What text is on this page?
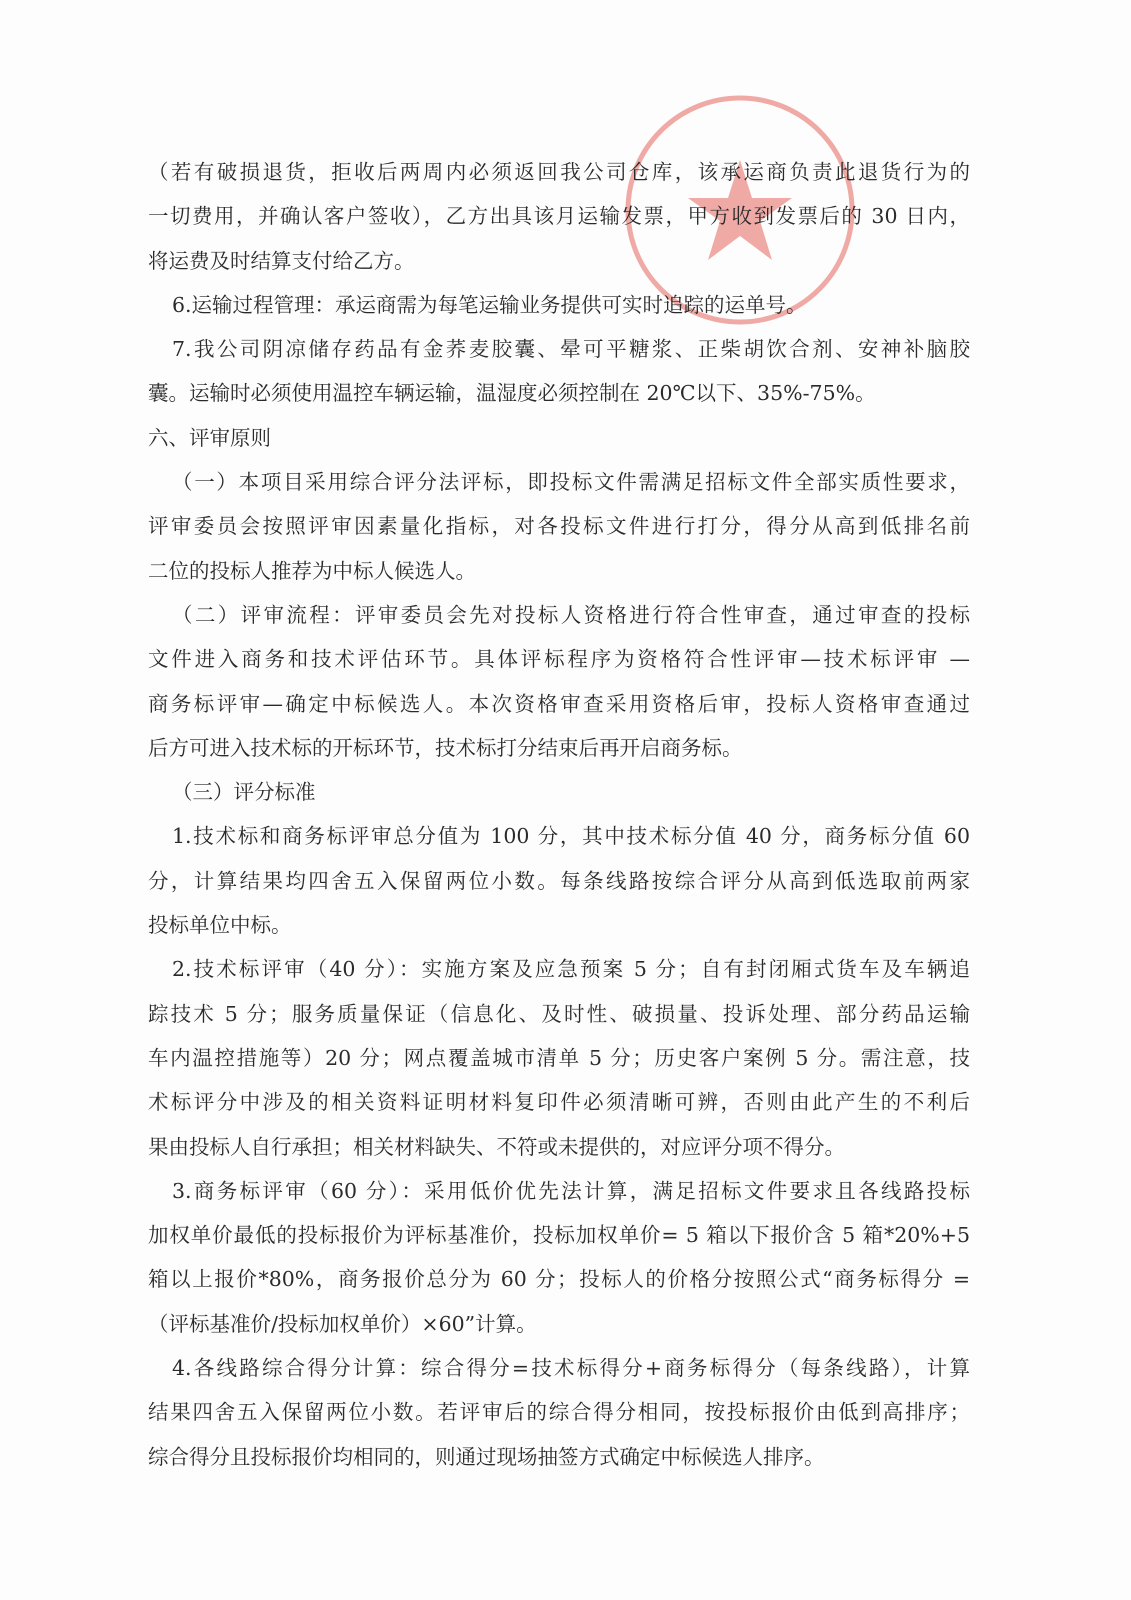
（若有破损退货，拒收后两周内必须返回我公司仓库，该承运商负责此退货行为的
一切费用，并确认客户签收），乙方出具该月运输发票，甲方收到发票后的 30 日内，
将运费及时结算支付给乙方。
6.运输过程管理：承运商需为每笔运输业务提供可实时追踪的运单号。
7.我公司阴凉储存药品有金荞麦胶囊、晕可平糖浆、正柴胡饮合剂、安神补脑胶
囊。运输时必须使用温控车辆运输，温湿度必须控制在 20℃以下、35%-75%。
六、评审原则
（一）本项目采用综合评分法评标，即投标文件需满足招标文件全部实质性要求，
评审委员会按照评审因素量化指标，对各投标文件进行打分，得分从高到低排名前
二位的投标人推荐为中标人候选人。
（二）评审流程：评审委员会先对投标人资格进行符合性审查，通过审查的投标
文件进入商务和技术评估环节。具体评标程序为资格符合性评审—技术标评审 —
商务标评审—确定中标候选人。本次资格审查采用资格后审，投标人资格审查通过
后方可进入技术标的开标环节，技术标打分结束后再开启商务标。
（三）评分标准
1.技术标和商务标评审总分值为 100 分，其中技术标分值 40 分，商务标分值 60
分，计算结果均四舍五入保留两位小数。每条线路按综合评分从高到低选取前两家
投标单位中标。
2.技术标评审（40 分）：实施方案及应急预案 5 分；自有封闭厢式货车及车辆追
踪技术 5 分；服务质量保证（信息化、及时性、破损量、投诉处理、部分药品运输
车内温控措施等）20 分；网点覆盖城市清单 5 分；历史客户案例 5 分。需注意，技
术标评分中涉及的相关资料证明材料复印件必须清晰可辨，否则由此产生的不利后
果由投标人自行承担；相关材料缺失、不符或未提供的，对应评分项不得分。
3.商务标评审（60 分）：采用低价优先法计算，满足招标文件要求且各线路投标
加权单价最低的投标报价为评标基准价，投标加权单价= 5 箱以下报价含 5 箱*20%+5
箱以上报价*80%，商务报价总分为 60 分；投标人的价格分按照公式“商务标得分 =
（评标基准价/投标加权单价）×60”计算。
4.各线路综合得分计算：综合得分=技术标得分+商务标得分（每条线路），计算
结果四舍五入保留两位小数。若评审后的综合得分相同，按投标报价由低到高排序；
综合得分且投标报价均相同的，则通过现场抽签方式确定中标候选人排序。
